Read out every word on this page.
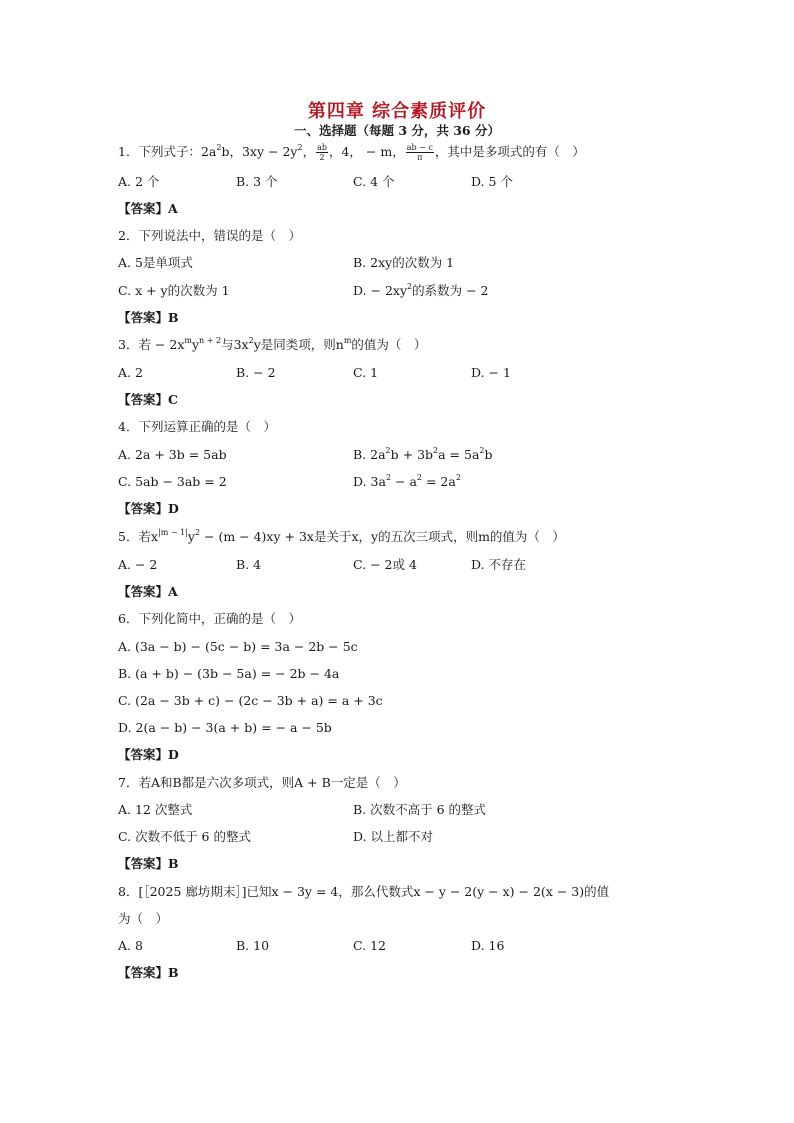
第四章 综合素质评价
一、选择题（每题 3 分，共 36 分）
1．下列式子：$2a^2b$，$3xy - 2y^2$， $\frac{ab}{2}$ ，4， − m， $\frac{ab - c}{\pi}$ ，其中是多项式的有（　）
A. 2 个	B. 3 个	C. 4 个	D. 5 个
【答案】A
2．下列说法中，错误的是（　）
A. 5是单项式	B. 2xy的次数为 1
C. x + y的次数为 1	D. − $2xy^2$的系数为 − 2
【答案】B
3．若 − $2x^my^{n + 2}$与$3x^2y$是同类项，则$n^m$的值为（　）
A. 2	B. − 2	C. 1	D. − 1
【答案】C
4．下列运算正确的是（　）
A. 2a + 3b = 5ab	B. $2a^2b + 3b^2a = 5a^2b$
C. 5ab − 3ab = 2	D. $3a^2 - a^2 = 2a^2$
【答案】D
5．若$x^{|m - 1|}y^2 - (m - 4)xy + 3x$是关于x，y的五次三项式，则m的值为（　）
A. − 2	B. 4	C. − 2或 4	D. 不存在
【答案】A
6．下列化简中，正确的是（　）
A. (3a − b) − (5c − b) = 3a − 2b − 5c
B. (a + b) − (3b − 5a) = − 2b − 4a
C. (2a − 3b + c) − (2c − 3b + a) = a + 3c
D. 2(a − b) − 3(a + b) = − a − 5b
【答案】D
7．若A和B都是六次多项式，则A + B一定是（　）
A. 12 次整式	B. 次数不高于 6 的整式
C. 次数不低于 6 的整式	D. 以上都不对
【答案】B
8．[［2025 廊坊期末］]已知x − 3y = 4，那么代数式x − y − 2(y − x) − 2(x − 3)的值
为（　）
A. 8	B. 10	C. 12	D. 16
【答案】B
